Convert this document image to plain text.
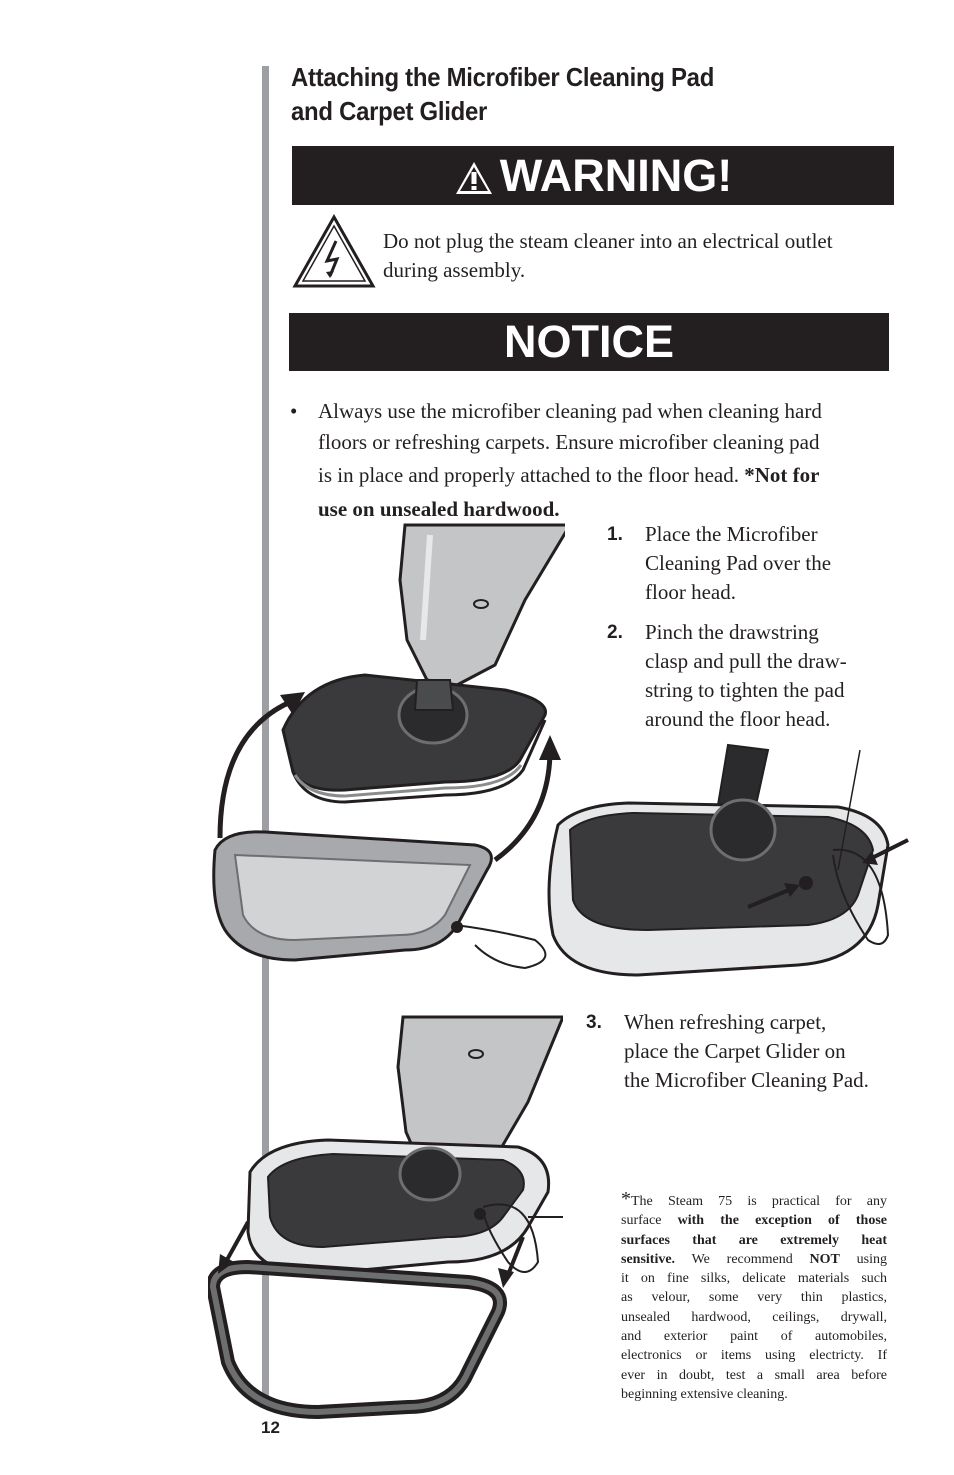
Attaching the Microfiber Cleaning Pad
and Carpet Glider
WARNING!
Do not plug the steam cleaner into an electrical outlet
during assembly.
NOTICE
• Always use the microfiber cleaning pad when cleaning hard
floors or refreshing carpets. Ensure microfiber cleaning pad
is in place and properly attached to the floor head. *Not for
use on unsealed hardwood.
1. Place the Microfiber
Cleaning Pad over the
floor head.
2. Pinch the drawstring
clasp and pull the draw-
string to tighten the pad
around the floor head.
3. When refreshing carpet,
place the Carpet Glider on
the Microfiber Cleaning Pad.
*The Steam 75 is practical for any
surface with the exception of those
surfaces that are extremely heat
sensitive. We recommend NOT using
it on fine silks, delicate materials such
as velour, some very thin plastics,
unsealed hardwood, ceilings, drywall,
and exterior paint of automobiles,
electronics or items using electricty. If
ever in doubt, test a small area before
beginning extensive cleaning.
12
